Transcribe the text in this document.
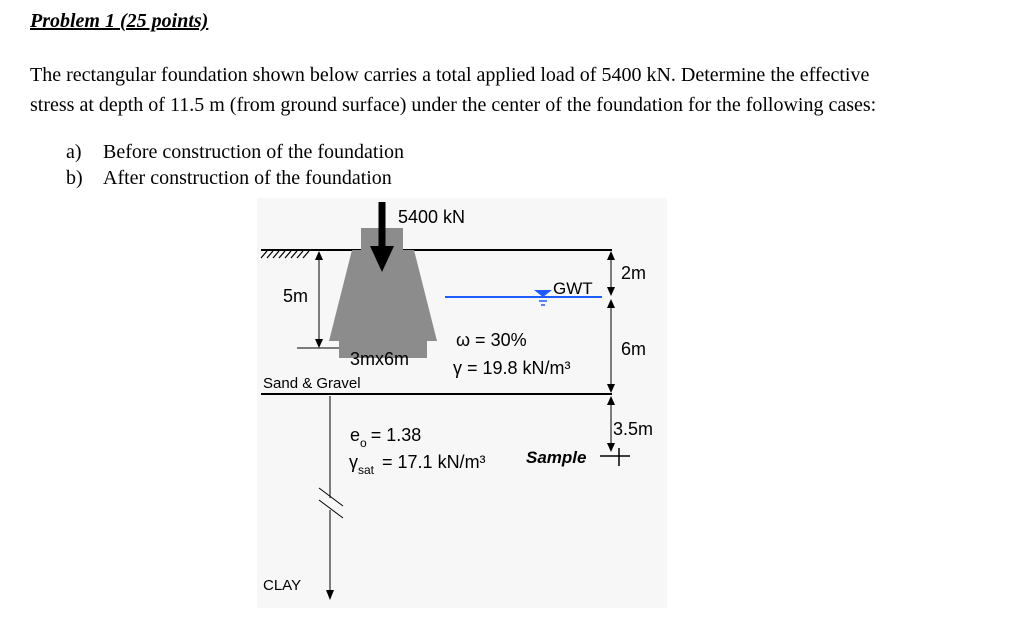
Problem 1 (25 points)

The rectangular foundation shown below carries a total applied load of 5400 kN. Determine the effective

stress at depth of 11.5 m (from ground surface) under the center of the foundation for the following cases:

a)	Before construction of the foundation
b)	After construction of the foundation
5400 kN
5m
3mx6m
Sand & Gravel
GWT
2m
6m
3.5m
Sample
ω = 30%
γ = 19.8 kN/m³
$e_o = 1.38$
$\gamma_{sat} = 17.1$ kN/m³
CLAY
